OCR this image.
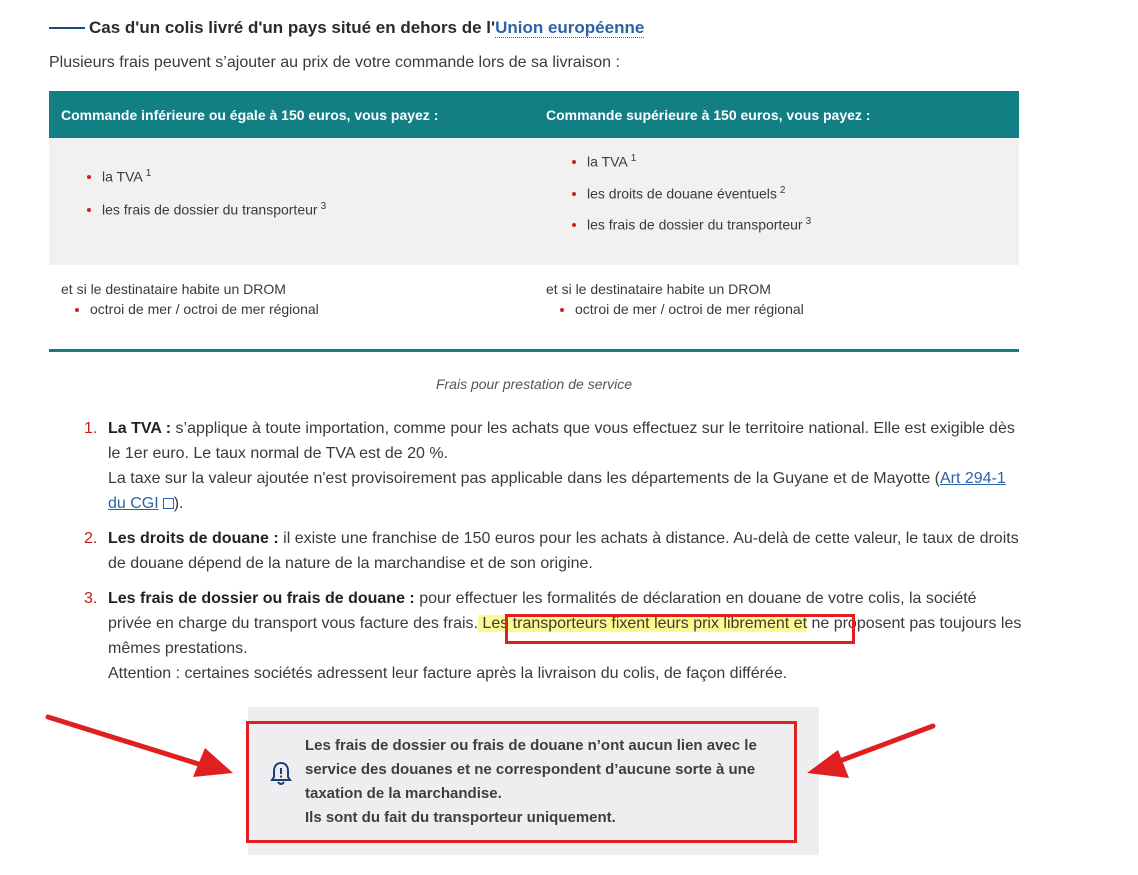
Cas d'un colis livré d'un pays situé en dehors de l'Union européenne
Plusieurs frais peuvent s’ajouter au prix de votre commande lors de sa livraison :
Commande inférieure ou égale à 150 euros, vous payez :	Commande supérieure à 150 euros, vous payez :
la TVA $^1$
les frais de dossier du transporteur $^3$
la TVA $^1$
les droits de douane éventuels $^2$
les frais de dossier du transporteur $^3$
et si le destinataire habite un DROM
octroi de mer / octroi de mer régional
et si le destinataire habite un DROM
octroi de mer / octroi de mer régional
Frais pour prestation de service
1. La TVA : s’applique à toute importation, comme pour les achats que vous effectuez sur le territoire national. Elle est exigible dès le 1er euro. Le taux normal de TVA est de 20 %.
La taxe sur la valeur ajoutée n'est provisoirement pas applicable dans les départements de la Guyane et de Mayotte (Art 294-1 du CGI ).
2. Les droits de douane : il existe une franchise de 150 euros pour les achats à distance. Au-delà de cette valeur, le taux de droits de douane dépend de la nature de la marchandise et de son origine.
3. Les frais de dossier ou frais de douane : pour effectuer les formalités de déclaration en douane de votre colis, la société privée en charge du transport vous facture des frais. Les transporteurs fixent leurs prix librement et ne proposent pas toujours les mêmes prestations.
Attention : certaines sociétés adressent leur facture après la livraison du colis, de façon différée.
Les frais de dossier ou frais de douane n’ont aucun lien avec le service des douanes et ne correspondent d’aucune sorte à une taxation de la marchandise.
Ils sont du fait du transporteur uniquement.
